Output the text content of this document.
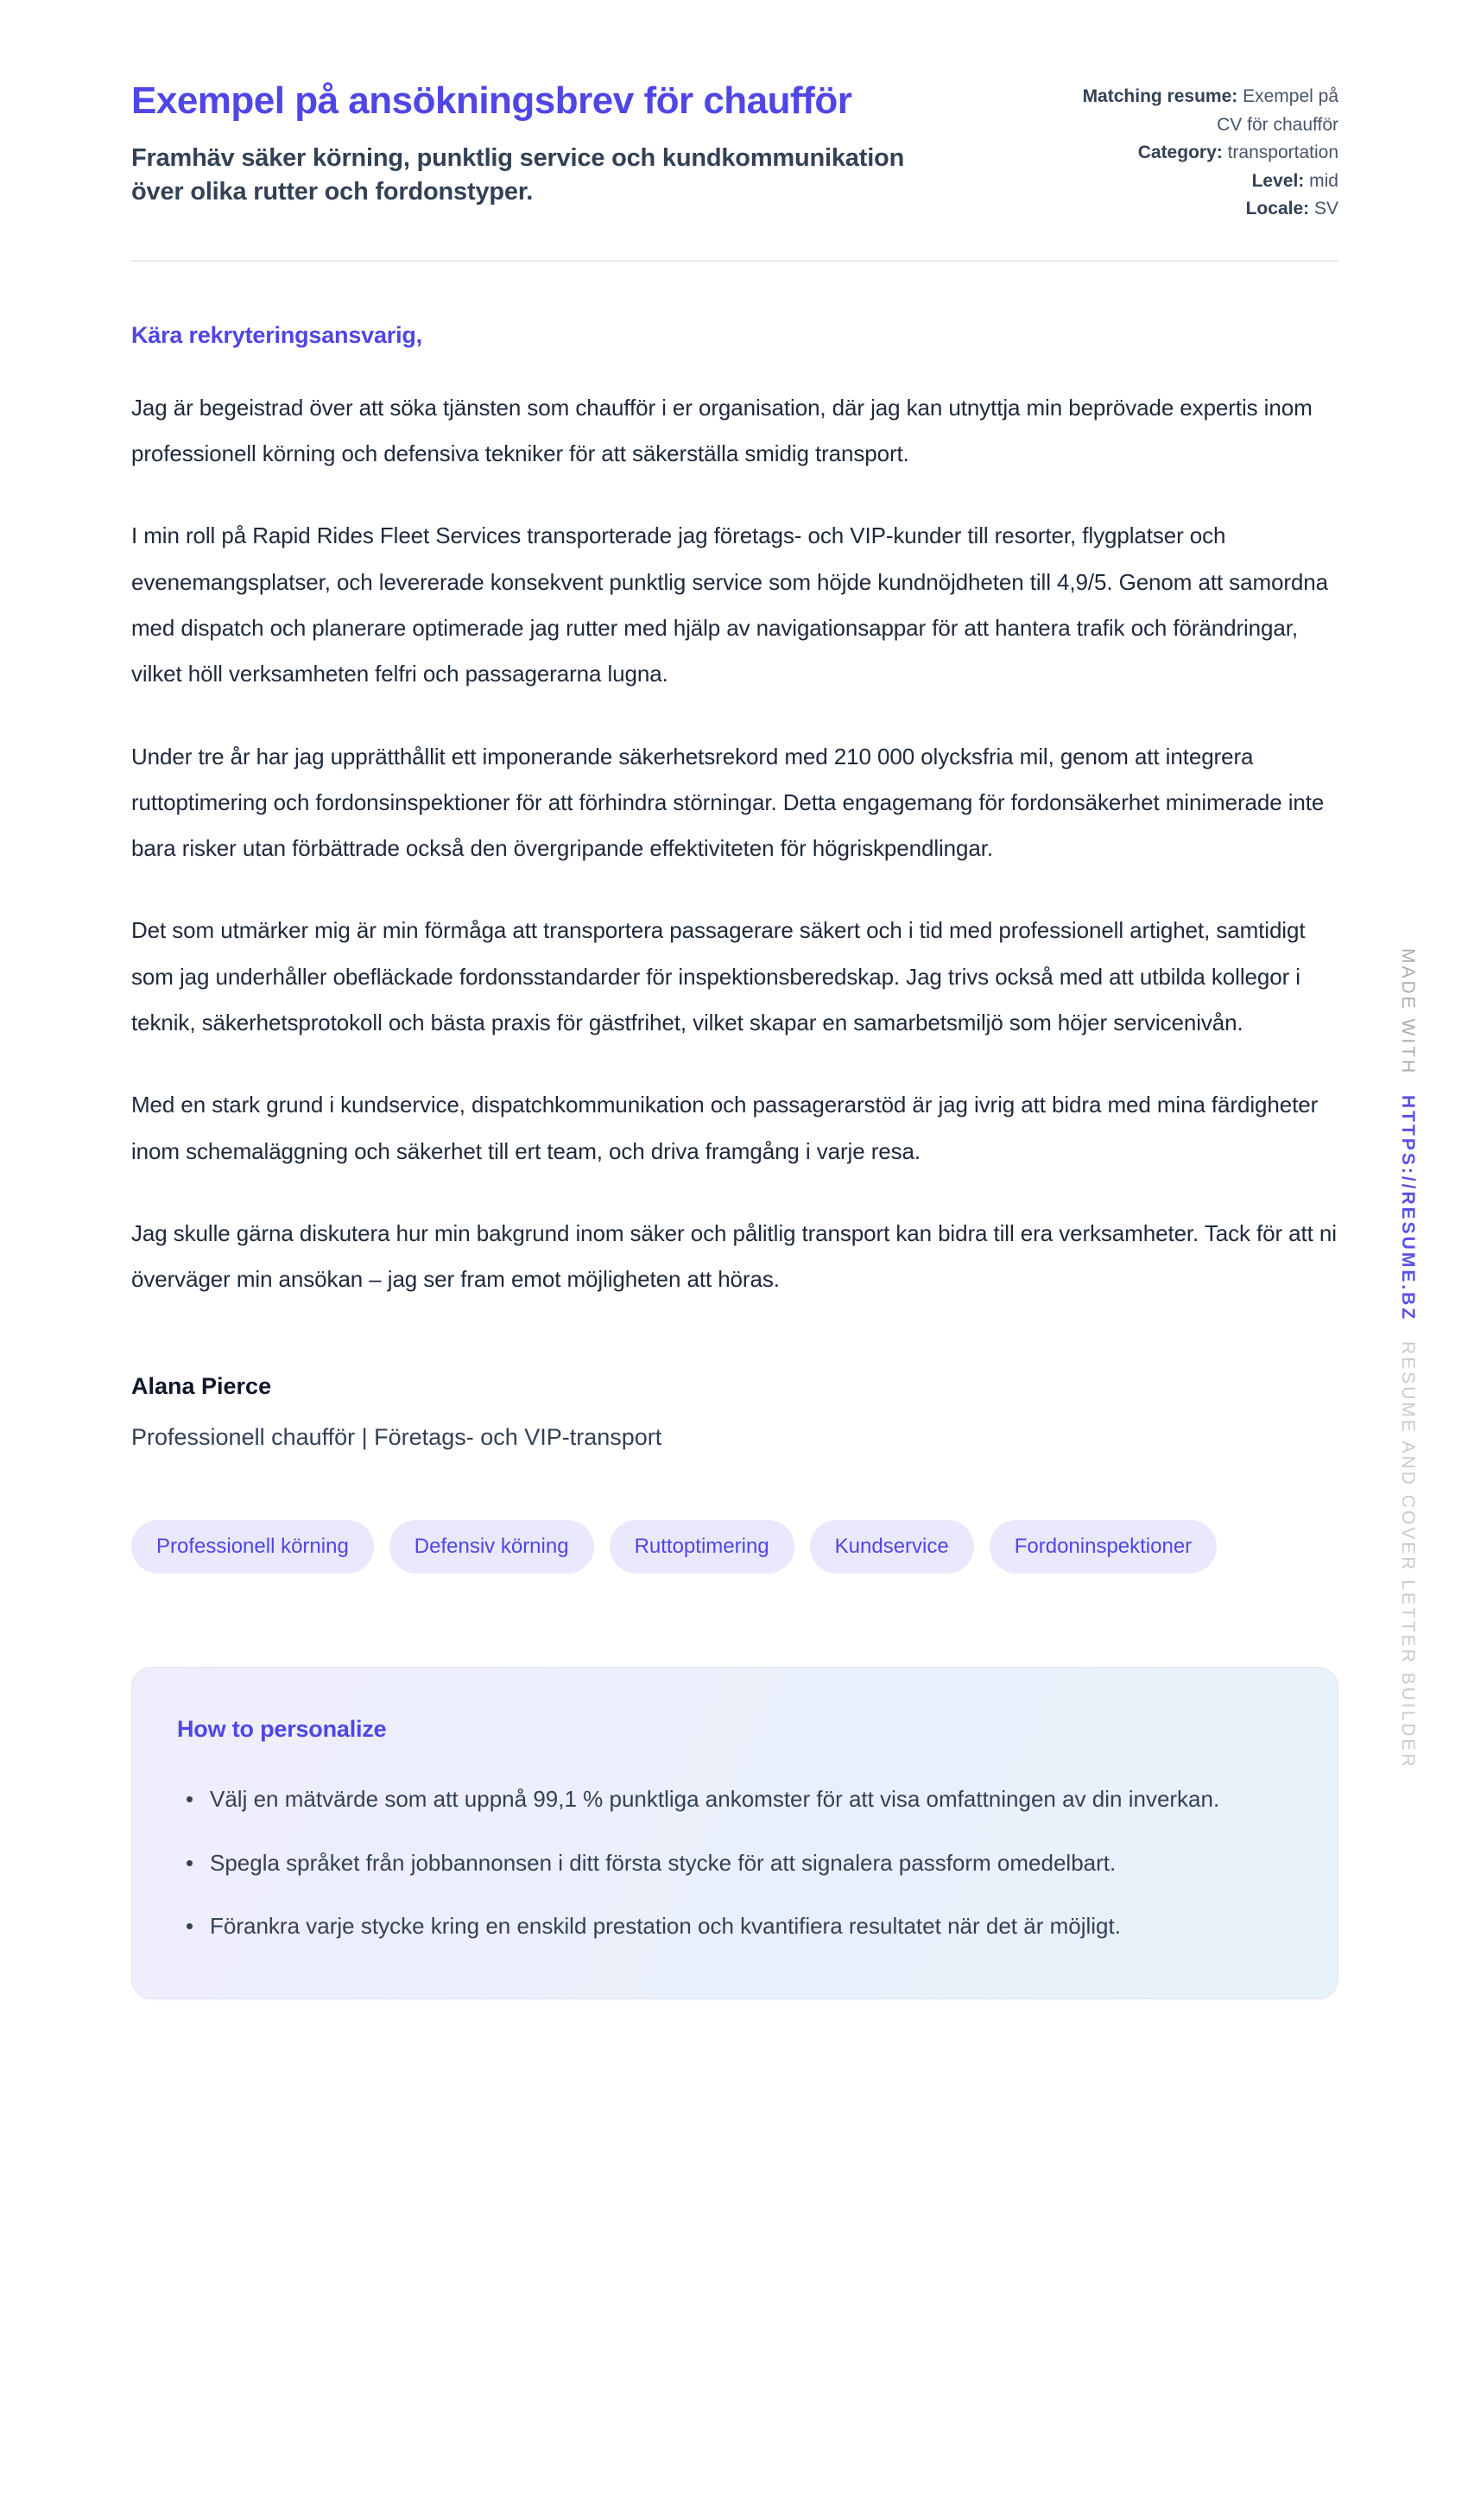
Exempel på ansökningsbrev för chaufför
Framhäv säker körning, punktlig service och kundkommunikation över olika rutter och fordonstyper.
Matching resume: Exempel på CV för chaufför
Category: transportation
Level: mid
Locale: SV
Kära rekryteringsansvarig,

Jag är begeistrad över att söka tjänsten som chaufför i er organisation, där jag kan utnyttja min beprövade expertis inom professionell körning och defensiva tekniker för att säkerställa smidig transport.

I min roll på Rapid Rides Fleet Services transporterade jag företags- och VIP-kunder till resorter, flygplatser och evenemangsplatser, och levererade konsekvent punktlig service som höjde kundnöjdheten till 4,9/5. Genom att samordna med dispatch och planerare optimerade jag rutter med hjälp av navigationsappar för att hantera trafik och förändringar, vilket höll verksamheten felfri och passagerarna lugna.

Under tre år har jag upprätthållit ett imponerande säkerhetsrekord med 210 000 olycksfria mil, genom att integrera ruttoptimering och fordonsinspektioner för att förhindra störningar. Detta engagemang för fordonsäkerhet minimerade inte bara risker utan förbättrade också den övergripande effektiviteten för högriskpendlingar.

Det som utmärker mig är min förmåga att transportera passagerare säkert och i tid med professionell artighet, samtidigt som jag underhåller obefläckade fordonsstandarder för inspektionsberedskap. Jag trivs också med att utbilda kollegor i teknik, säkerhetsprotokoll och bästa praxis för gästfrihet, vilket skapar en samarbetsmiljö som höjer servicenivån.

Med en stark grund i kundservice, dispatchkommunikation och passagerarstöd är jag ivrig att bidra med mina färdigheter inom schemaläggning och säkerhet till ert team, och driva framgång i varje resa.

Jag skulle gärna diskutera hur min bakgrund inom säker och pålitlig transport kan bidra till era verksamheter. Tack för att ni överväger min ansökan – jag ser fram emot möjligheten att höras.

Alana Pierce
Professionell chaufför | Företags- och VIP-transport
Professionell körning	Defensiv körning	Ruttoptimering	Kundservice	Fordoninspektioner
How to personalize
• Välj en mätvärde som att uppnå 99,1 % punktliga ankomster för att visa omfattningen av din inverkan.
• Spegla språket från jobbannonsen i ditt första stycke för att signalera passform omedelbart.
• Förankra varje stycke kring en enskild prestation och kvantifiera resultatet när det är möjligt.
MADE WITH HTTPS://RESUME.BZ RESUME AND COVER LETTER BUILDER
